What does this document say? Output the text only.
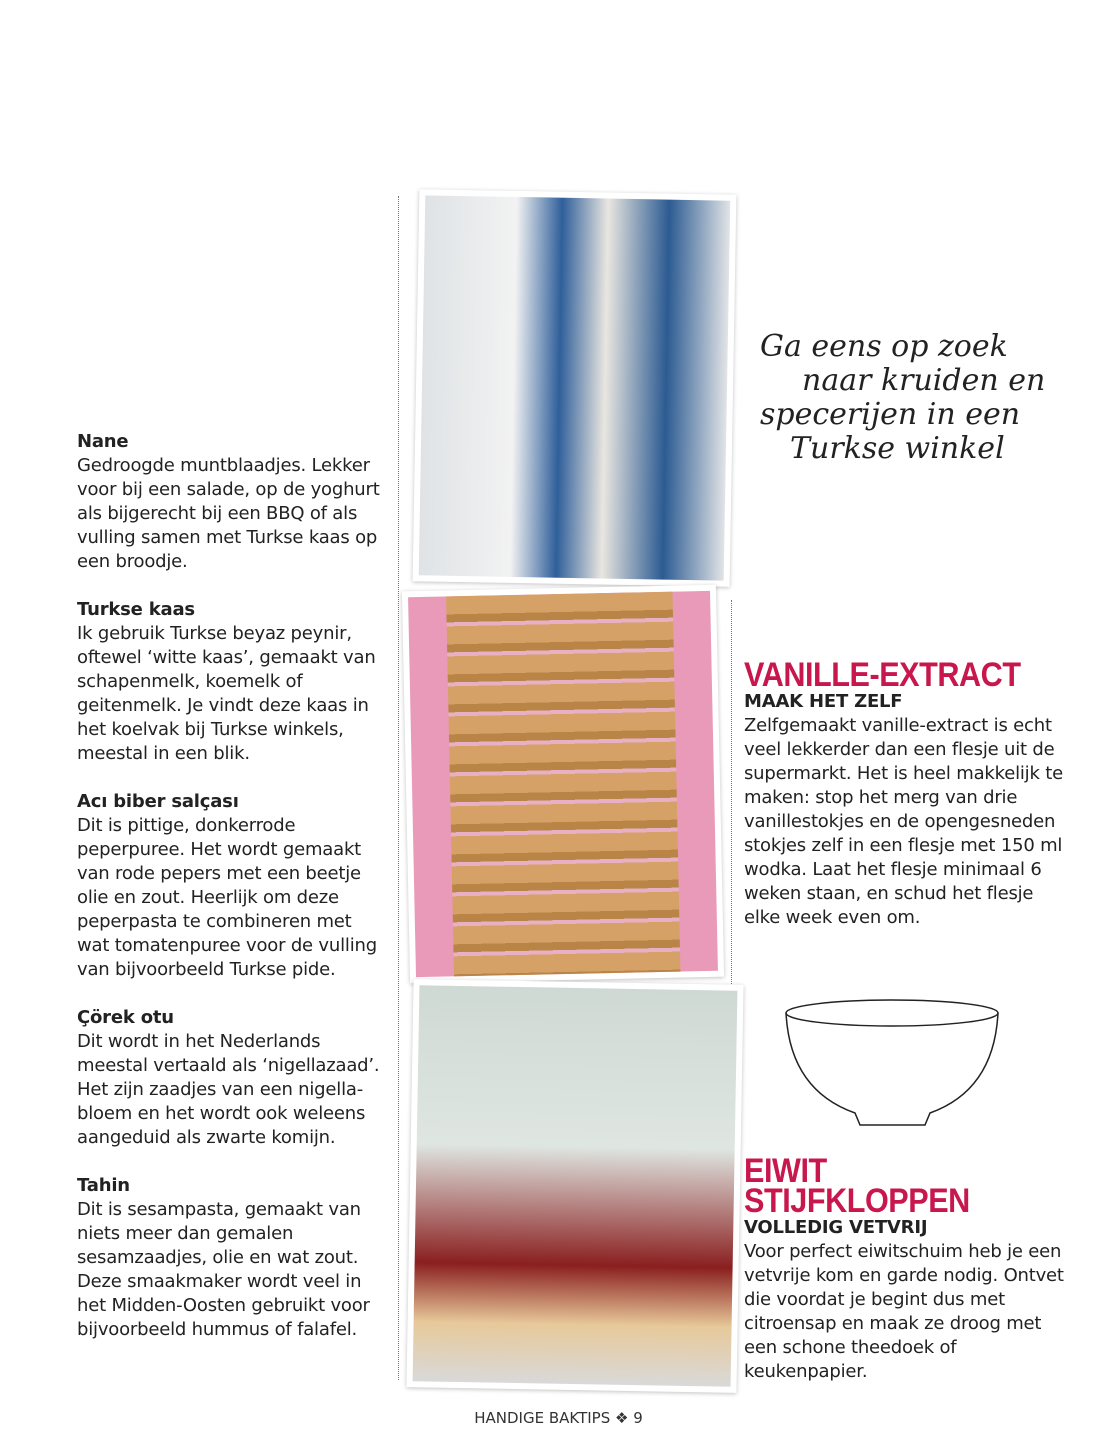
Nane

Gedroogde muntblaadjes. Lekker voor bij een salade, op de yoghurt als bijgerecht bij een BBQ of als vulling samen met Turkse kaas op een broodje.

Turkse kaas

Ik gebruik Turkse beyaz peynir, oftewel ‘witte kaas’, gemaakt van schapenmelk, koemelk of geitenmelk. Je vindt deze kaas in het koelvak bij Turkse winkels, meestal in een blik.

Acı biber salçası

Dit is pittige, donkerrode peperpuree. Het wordt gemaakt van rode pepers met een beetje olie en zout. Heerlijk om deze peperpasta te combineren met wat tomatenpuree voor de vulling van bijvoorbeeld Turkse pide.

Çörek otu

Dit wordt in het Nederlands meestal vertaald als ‘nigellazaad’. Het zijn zaadjes van een nigella-bloem en het wordt ook weleens aangeduid als zwarte komijn.

Tahin

Dit is sesampasta, gemaakt van niets meer dan gemalen sesamzaadjes, olie en wat zout. Deze smaakmaker wordt veel in het Midden-Oosten gebruikt voor bijvoorbeeld hummus of falafel.

Ga eens op zoek
naar kruiden en
specerijen in een
Turkse winkel
VANILLE-EXTRACT
MAAK HET ZELF
Zelfgemaakt vanille-extract is echt veel lekkerder dan een flesje uit de supermarkt. Het is heel makkelijk te maken: stop het merg van drie vanillestokjes en de opengesneden stokjes zelf in een flesje met 150 ml wodka. Laat het flesje minimaal 6 weken staan, en schud het flesje elke week even om.
EIWIT
STIJFKLOPPEN
VOLLEDIG VETVRIJ
Voor perfect eiwitschuim heb je een vetvrije kom en garde nodig. Ontvet die voordat je begint dus met citroensap en maak ze droog met een schone theedoek of keukenpapier.
HANDIGE BAKTIPS ❖ 9
